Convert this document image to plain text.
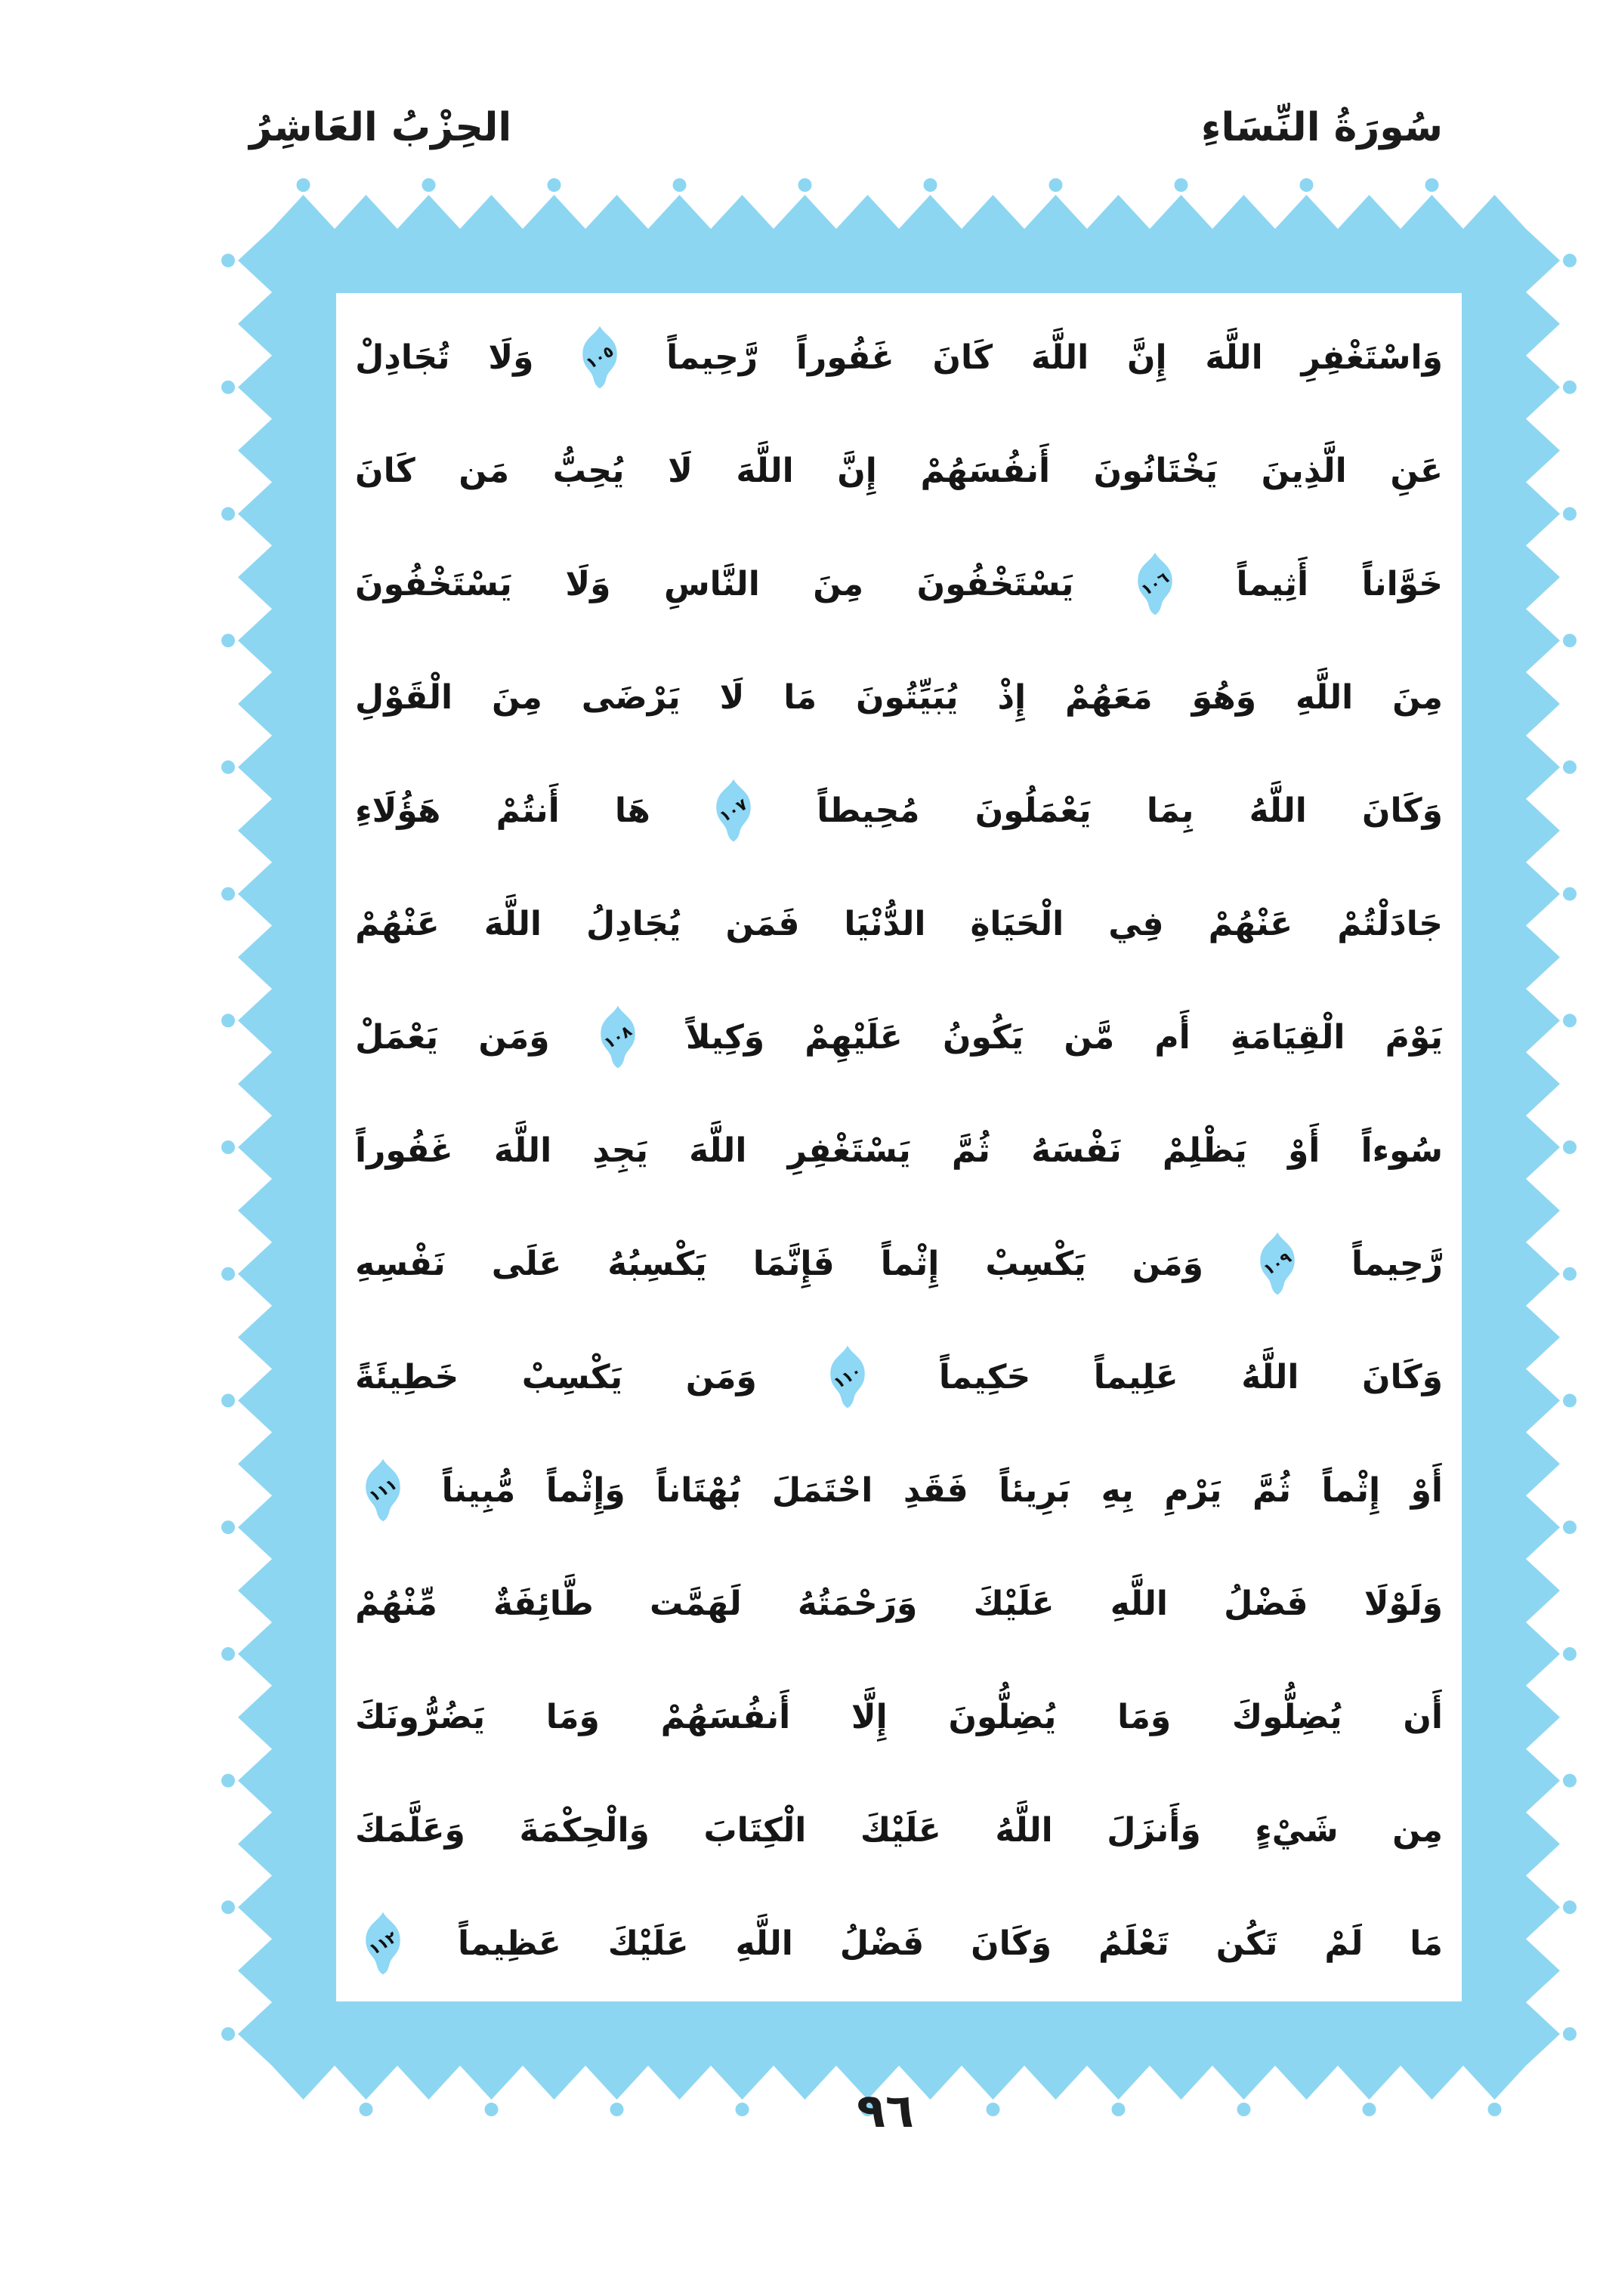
سُورَةُ النِّسَاءِ
الحِزْبُ العَاشِرُ
وَاسْتَغْفِرِ
اللَّهَ
إِنَّ
اللَّهَ
كَانَ
غَفُوراً
رَّحِيماً
١٠٥
وَلَا
تُجَادِلْ
عَنِ
الَّذِينَ
يَخْتَانُونَ
أَنفُسَهُمْ
إِنَّ
اللَّهَ
لَا
يُحِبُّ
مَن
كَانَ
خَوَّاناً
أَثِيماً
١٠٦
يَسْتَخْفُونَ
مِنَ
النَّاسِ
وَلَا
يَسْتَخْفُونَ
مِنَ
اللَّهِ
وَهُوَ
مَعَهُمْ
إِذْ
يُبَيِّتُونَ
مَا
لَا
يَرْضَى
مِنَ
الْقَوْلِ
وَكَانَ
اللَّهُ
بِمَا
يَعْمَلُونَ
مُحِيطاً
١٠٧
هَا
أَنتُمْ
هَؤُلَاءِ
جَادَلْتُمْ
عَنْهُمْ
فِي
الْحَيَاةِ
الدُّنْيَا
فَمَن
يُجَادِلُ
اللَّهَ
عَنْهُمْ
يَوْمَ
الْقِيَامَةِ
أَم
مَّن
يَكُونُ
عَلَيْهِمْ
وَكِيلاً
١٠٨
وَمَن
يَعْمَلْ
سُوءاً
أَوْ
يَظْلِمْ
نَفْسَهُ
ثُمَّ
يَسْتَغْفِرِ
اللَّهَ
يَجِدِ
اللَّهَ
غَفُوراً
رَّحِيماً
١٠٩
وَمَن
يَكْسِبْ
إِثْماً
فَإِنَّمَا
يَكْسِبُهُ
عَلَى
نَفْسِهِ
وَكَانَ
اللَّهُ
عَلِيماً
حَكِيماً
١١٠
وَمَن
يَكْسِبْ
خَطِيئَةً
أَوْ
إِثْماً
ثُمَّ
يَرْمِ
بِهِ
بَرِيئاً
فَقَدِ
احْتَمَلَ
بُهْتَاناً
وَإِثْماً
مُّبِيناً
١١١
وَلَوْلَا
فَضْلُ
اللَّهِ
عَلَيْكَ
وَرَحْمَتُهُ
لَهَمَّت
طَّائِفَةٌ
مِّنْهُمْ
أَن
يُضِلُّوكَ
وَمَا
يُضِلُّونَ
إِلَّا
أَنفُسَهُمْ
وَمَا
يَضُرُّونَكَ
مِن
شَيْءٍ
وَأَنزَلَ
اللَّهُ
عَلَيْكَ
الْكِتَابَ
وَالْحِكْمَةَ
وَعَلَّمَكَ
مَا
لَمْ
تَكُن
تَعْلَمُ
وَكَانَ
فَضْلُ
اللَّهِ
عَلَيْكَ
عَظِيماً
١١٢
٩٦
